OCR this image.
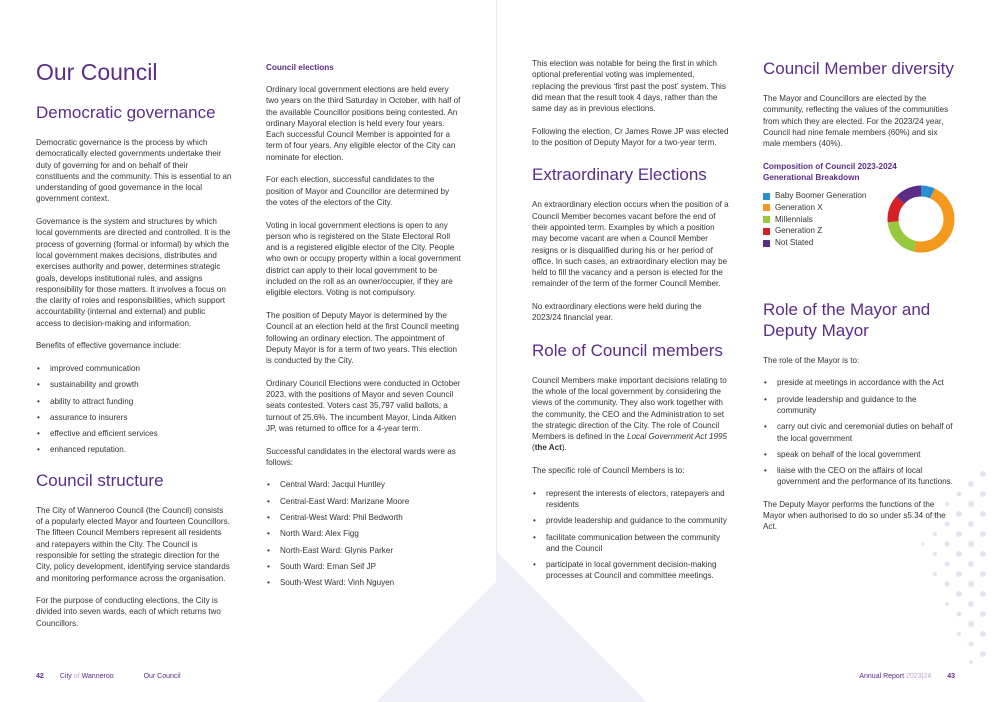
Our Council
Democratic governance

Democratic governance is the process by which democratically elected governments undertake their duty of governing for and on behalf of their constituents and the community. This is essential to an understanding of good governance in the local government context.

Governance is the system and structures by which local governments are directed and controlled. It is the process of governing (formal or informal) by which the local government makes decisions, distributes and exercises authority and power, determines strategic goals, develops institutional rules, and assigns responsibility for those matters. It involves a focus on the clarity of roles and responsibilities, which support accountability (internal and external) and public access to decision-making and information.

Benefits of effective governance include:

• improved communication
• sustainability and growth
• ability to attract funding
• assurance to insurers
• effective and efficient services
• enhanced reputation.
Council structure

The City of Wanneroo Council (the Council) consists of a popularly elected Mayor and fourteen Councillors. The fifteen Council Members represent all residents and ratepayers within the City. The Council is responsible for setting the strategic direction for the City, policy development, identifying service standards and monitoring performance across the organisation.

For the purpose of conducting elections, the City is divided into seven wards, each of which returns two Councillors.

Council elections

Ordinary local government elections are held every two years on the third Saturday in October, with half of the available Councillor positions being contested. An ordinary Mayoral election is held every four years. Each successful Council Member is appointed for a term of four years. Any eligible elector of the City can nominate for election.

For each election, successful candidates to the position of Mayor and Councillor are determined by the votes of the electors of the City.

Voting in local government elections is open to any person who is registered on the State Electoral Roll and is a registered eligible elector of the City. People who own or occupy property within a local government district can apply to their local government to be included on the roll as an owner/occupier, if they are eligible electors. Voting is not compulsory.

The position of Deputy Mayor is determined by the Council at an election held at the first Council meeting following an ordinary election. The appointment of Deputy Mayor is for a term of two years. This election is conducted by the City.

Ordinary Council Elections were conducted in October 2023, with the positions of Mayor and seven Council seats contested. Voters cast 35,797 valid ballots, a turnout of 25.6%. The incumbent Mayor, Linda Aitken JP, was returned to office for a 4-year term.

Successful candidates in the electoral wards were as follows:

• Central Ward: Jacqui Huntley
• Central-East Ward: Marizane Moore
• Central-West Ward: Phil Bedworth
• North Ward: Alex Figg
• North-East Ward: Glynis Parker
• South Ward: Eman Seif JP
• South-West Ward: Vinh Nguyen
42 City of Wanneroo	Our Council

This election was notable for being the first in which optional preferential voting was implemented, replacing the previous ‘first past the post’ system. This did mean that the result took 4 days, rather than the same day as in previous elections.

Following the election, Cr James Rowe JP was elected to the position of Deputy Mayor for a two-year term.

Extraordinary Elections

An extraordinary election occurs when the position of a Council Member becomes vacant before the end of their appointed term. Examples by which a position may become vacant are when a Council Member resigns or is disqualified during his or her period of office. In such cases, an extraordinary election may be held to fill the vacancy and a person is elected for the remainder of the term of the former Council Member.

No extraordinary elections were held during the 2023/24 financial year.

Role of Council members

Council Members make important decisions relating to the whole of the local government by considering the views of the community. They also work together with the community, the CEO and the Administration to set the strategic direction of the City. The role of Council Members is defined in the Local Government Act 1995 (the Act).

The specific role of Council Members is to:

• represent the interests of electors, ratepayers and residents
• provide leadership and guidance to the community
• facilitate communication between the community and the Council
• participate in local government decision-making processes at Council and committee meetings.
Council Member diversity

The Mayor and Councillors are elected by the community, reflecting the values of the communities from which they are elected. For the 2023/24 year, Council had nine female members (60%) and six male members (40%).

Composition of Council 2023-2024
Generational Breakdown
Baby Boomer Generation
Generation X
Millennials
Generation Z
Not Stated
Role of the Mayor and Deputy Mayor

The role of the Mayor is to:

• preside at meetings in accordance with the Act
• provide leadership and guidance to the community
• carry out civic and ceremonial duties on behalf of the local government
• speak on behalf of the local government
• liaise with the CEO on the affairs of local government and the performance of its functions.

The Deputy Mayor performs the functions of the Mayor when authorised to do so under s5.34 of the Act.

Annual Report 2023|24 43
